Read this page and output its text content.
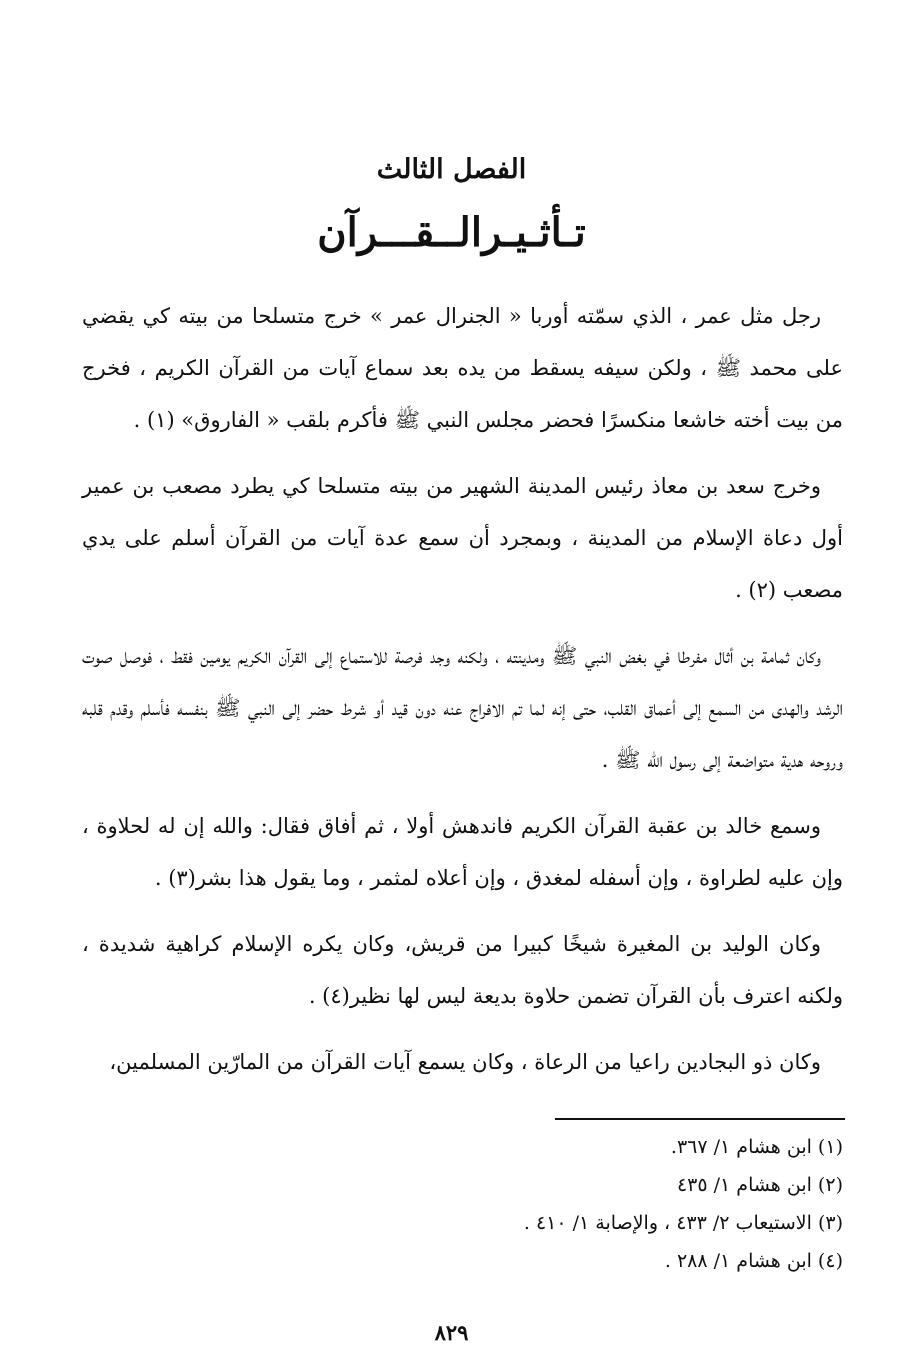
الفصل الثالث
تـأثـيـرالــقـــرآن

رجل مثل عمر ، الذي سمّته أوربا « الجنرال عمر » خرج متسلحا من بيته كي يقضي على محمد ﷺ ، ولكن سيفه يسقط من يده بعد سماع آيات من القرآن الكريم ، فخرج من بيت أخته خاشعا منكسرًا فحضر مجلس النبي ﷺ فأكرم بلقب « الفاروق» (١) .

وخرج سعد بن معاذ رئيس المدينة الشهير من بيته متسلحا كي يطرد مصعب بن عمير أول دعاة الإسلام من المدينة ، وبمجرد أن سمع عدة آيات من القرآن أسلم على يدي مصعب (٢) .

وكان ثمامة بن أثال مفرطا في بغض النبي ﷺ ومدينته ، ولكنه وجد فرصة للاستماع إلى القرآن الكريم يومين فقط ، فوصل صوت الرشد والهدى من السمع إلى أعماق القلب، حتى إنه لما تم الافراج عنه دون قيد أو شرط حضر إلى النبي ﷺ بنفسه فأسلم وقدم قلبه وروحه هدية متواضعة إلى رسول الله ﷺ .

وسمع خالد بن عقبة القرآن الكريم فاندهش أولا ، ثم أفاق فقال: والله إن له لحلاوة ، وإن عليه لطراوة ، وإن أسفله لمغدق ، وإن أعلاه لمثمر ، وما يقول هذا بشر(٣) .

وكان الوليد بن المغيرة شيخًا كبيرا من قريش، وكان يكره الإسلام كراهية شديدة ، ولكنه اعترف بأن القرآن تضمن حلاوة بديعة ليس لها نظير(٤) .

وكان ذو البجادين راعيا من الرعاة ، وكان يسمع آيات القرآن من المارّين المسلمين،

(١) ابن هشام ١/ ٣٦٧.

(٢) ابن هشام ١/ ٤٣٥

(٣) الاستيعاب ٢/ ٤٣٣ ، والإصابة ١/ ٤١٠ .

(٤) ابن هشام ١/ ٢٨٨ .

٨٢٩
